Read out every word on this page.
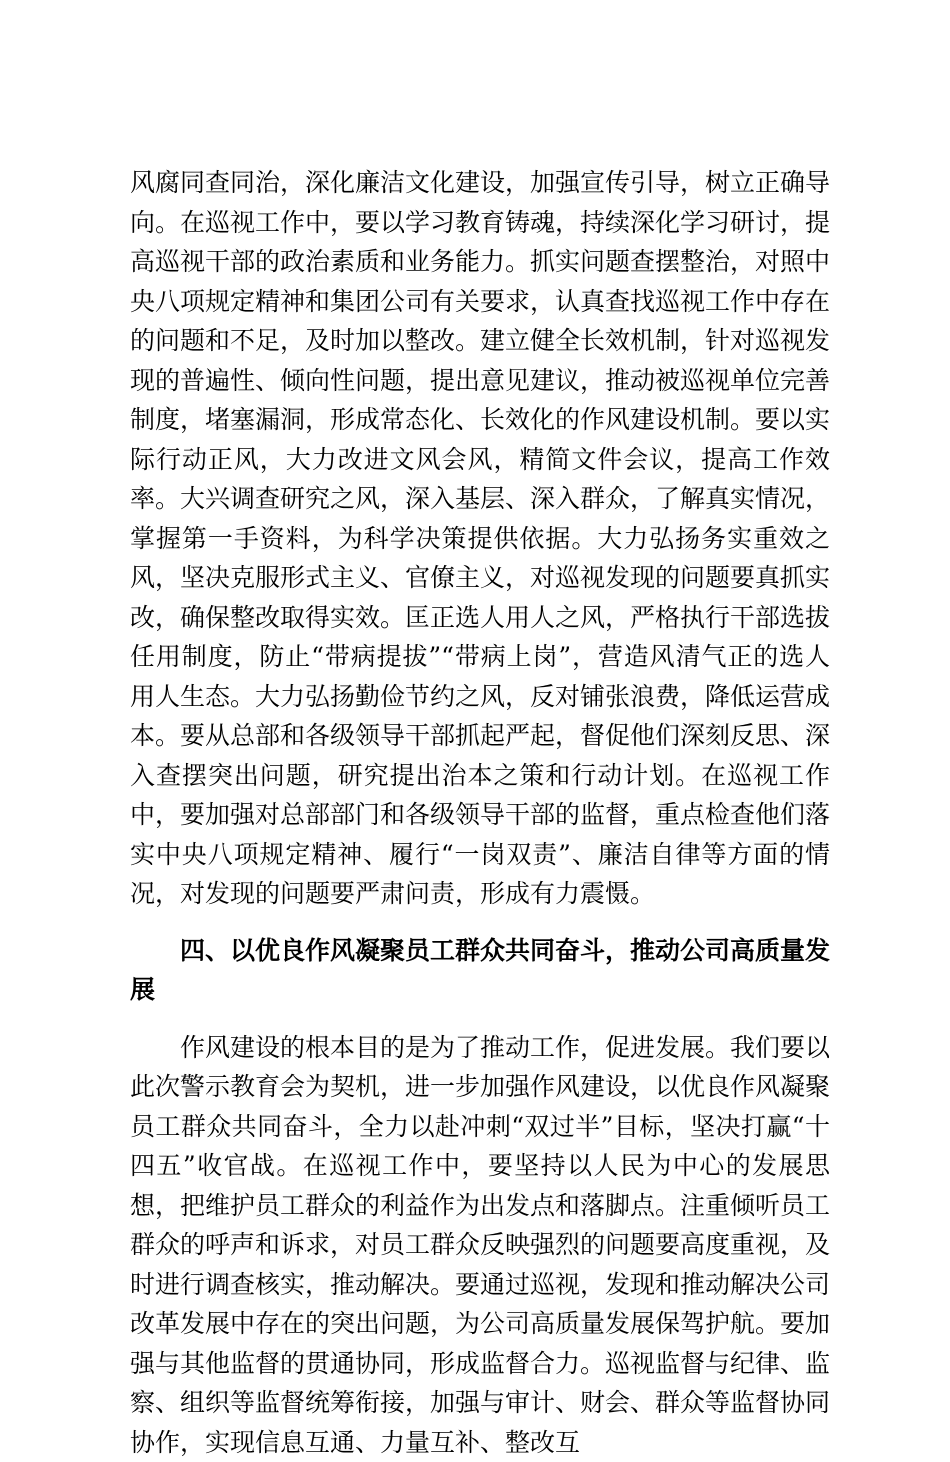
风腐同查同治，深化廉洁文化建设，加强宣传引导，树立正确导向。在巡视工作中，要以学习教育铸魂，持续深化学习研讨，提高巡视干部的政治素质和业务能力。抓实问题查摆整治，对照中央八项规定精神和集团公司有关要求，认真查找巡视工作中存在的问题和不足，及时加以整改。建立健全长效机制，针对巡视发现的普遍性、倾向性问题，提出意见建议，推动被巡视单位完善制度，堵塞漏洞，形成常态化、长效化的作风建设机制。要以实际行动正风，大力改进文风会风，精简文件会议，提高工作效率。大兴调查研究之风，深入基层、深入群众，了解真实情况，掌握第一手资料，为科学决策提供依据。大力弘扬务实重效之风，坚决克服形式主义、官僚主义，对巡视发现的问题要真抓实改，确保整改取得实效。匡正选人用人之风，严格执行干部选拔任用制度，防止“带病提拔”“带病上岗”，营造风清气正的选人用人生态。大力弘扬勤俭节约之风，反对铺张浪费，降低运营成本。要从总部和各级领导干部抓起严起，督促他们深刻反思、深入查摆突出问题，研究提出治本之策和行动计划。在巡视工作中，要加强对总部部门和各级领导干部的监督，重点检查他们落实中央八项规定精神、履行“一岗双责”、廉洁自律等方面的情况，对发现的问题要严肃问责，形成有力震慑。

四、以优良作风凝聚员工群众共同奋斗，推动公司高质量发展

作风建设的根本目的是为了推动工作，促进发展。我们要以此次警示教育会为契机，进一步加强作风建设，以优良作风凝聚员工群众共同奋斗，全力以赴冲刺“双过半”目标，坚决打赢“十四五”收官战。在巡视工作中，要坚持以人民为中心的发展思想，把维护员工群众的利益作为出发点和落脚点。注重倾听员工群众的呼声和诉求，对员工群众反映强烈的问题要高度重视，及时进行调查核实，推动解决。要通过巡视，发现和推动解决公司改革发展中存在的突出问题，为公司高质量发展保驾护航。要加强与其他监督的贯通协同，形成监督合力。巡视监督与纪律、监察、组织等监督统筹衔接，加强与审计、财会、群众等监督协同协作，实现信息互通、力量互补、整改互
